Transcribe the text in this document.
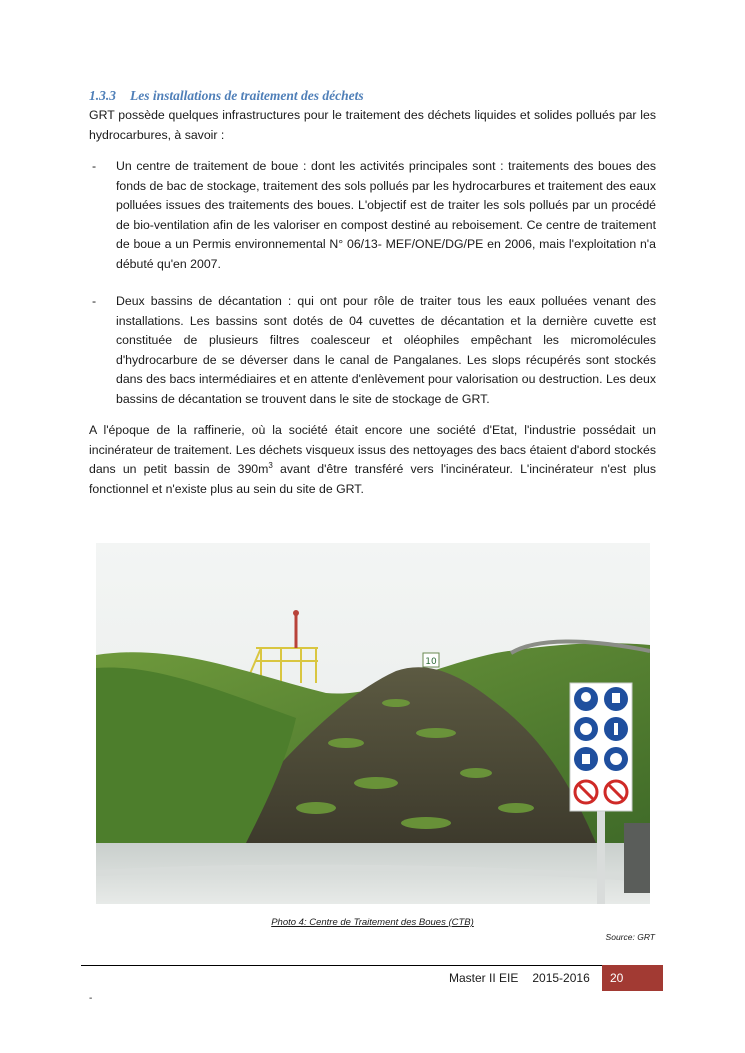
1.3.3 Les installations de traitement des déchets

GRT possède quelques infrastructures pour le traitement des déchets liquides et solides pollués par les hydrocarbures, à savoir :

- Un centre de traitement de boue : dont les activités principales sont : traitements des boues des fonds de bac de stockage, traitement des sols pollués par les hydrocarbures et traitement des eaux polluées issues des traitements des boues. L'objectif est de traiter les sols pollués par un procédé de bio-ventilation afin de les valoriser en compost destiné au reboisement. Ce centre de traitement de boue a un Permis environnemental N° 06/13- MEF/ONE/DG/PE en 2006, mais l'exploitation n'a débuté qu'en 2007.
- Deux bassins de décantation : qui ont pour rôle de traiter tous les eaux polluées venant des installations. Les bassins sont dotés de 04 cuvettes de décantation et la dernière cuvette est constituée de plusieurs filtres coalesceur et oléophiles empêchant les micromolécules d'hydrocarbure de se déverser dans le canal de Pangalanes. Les slops récupérés sont stockés dans des bacs intermédiaires et en attente d'enlèvement pour valorisation ou destruction. Les deux bassins de décantation se trouvent dans le site de stockage de GRT.

A l'époque de la raffinerie, où la société était encore une société d'Etat, l'industrie possédait un incinérateur de traitement. Les déchets visqueux issus des nettoyages des bacs étaient d'abord stockés dans un petit bassin de $390m^3$ avant d'être transféré vers l'incinérateur. L'incinérateur n'est plus fonctionnel et n'existe plus au sein du site de GRT.

10
Photo 4: Centre de Traitement des Boues (CTB)
Source: GRT
Master II EIE 2015-2016	20
-
